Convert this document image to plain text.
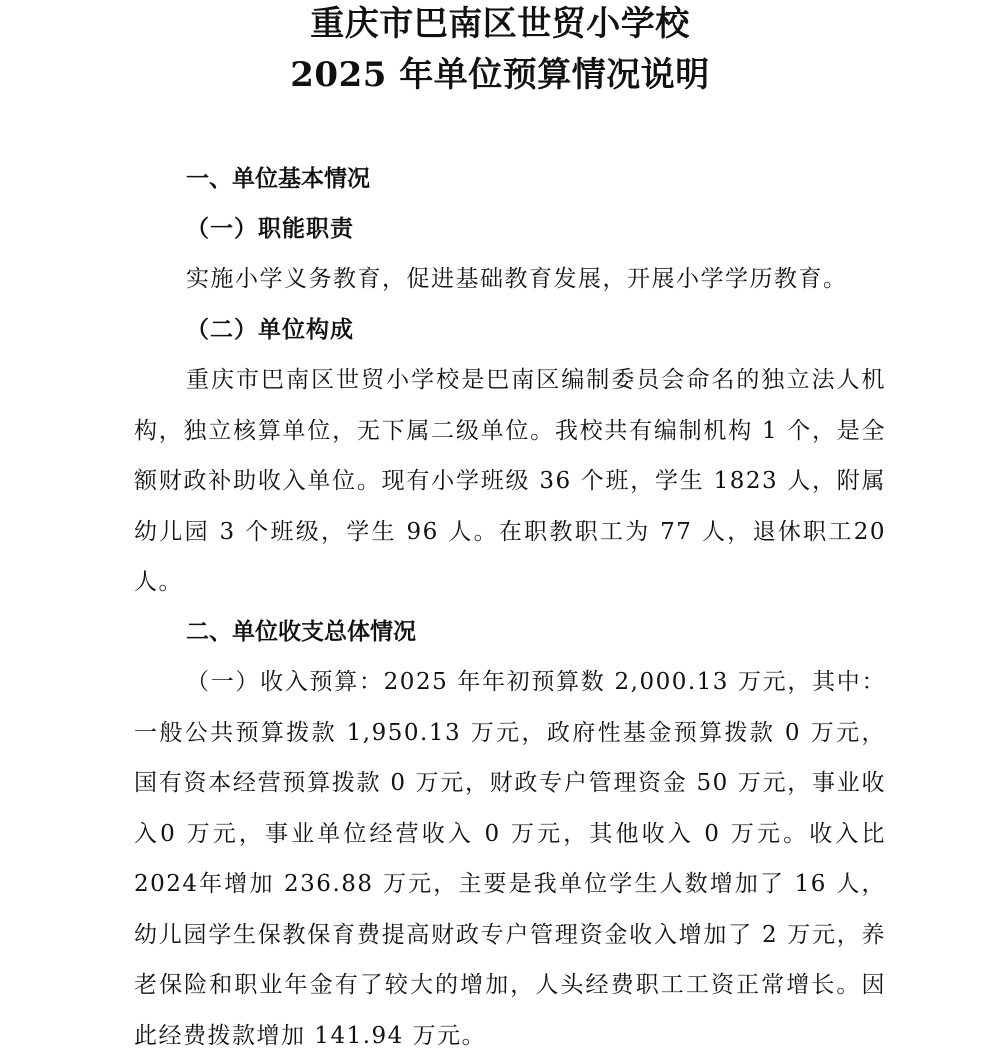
重庆市巴南区世贸小学校
2025 年单位预算情况说明
一、单位基本情况
（一）职能职责

实施小学义务教育，促进基础教育发展，开展小学学历教育。

（二）单位构成

重庆市巴南区世贸小学校是巴南区编制委员会命名的独立法人机构，独立核算单位，无下属二级单位。我校共有编制机构 1 个，是全额财政补助收入单位。现有小学班级 36 个班，学生 1823 人，附属幼儿园 3 个班级，学生 96 人。在职教职工为 77 人，退休职工20 人。

二、单位收支总体情况

（一）收入预算：2025 年年初预算数 2,000.13 万元，其中：一般公共预算拨款 1,950.13 万元，政府性基金预算拨款 0 万元，国有资本经营预算拨款 0 万元，财政专户管理资金 50 万元，事业收入0 万元，事业单位经营收入 0 万元，其他收入 0 万元。收入比 2024年增加 236.88 万元，主要是我单位学生人数增加了 16 人，幼儿园学生保教保育费提高财政专户管理资金收入增加了 2 万元，养老保险和职业年金有了较大的增加，人头经费职工工资正常增长。因此经费拨款增加 141.94 万元。
